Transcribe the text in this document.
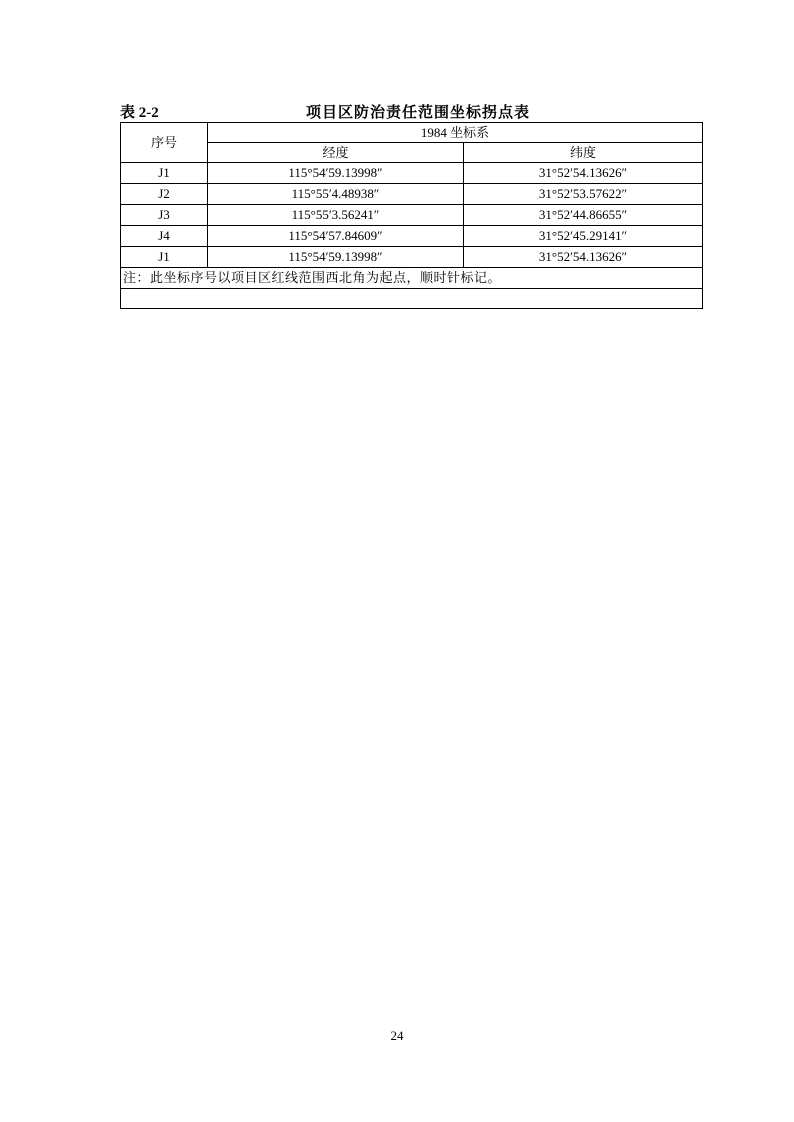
表 2-2	项目区防治责任范围坐标拐点表
序号	1984 坐标系	
	经度	纬度
J1	115°54′59.13998″	31°52′54.13626″
J2	115°55′4.48938″	31°52′53.57622″
J3	115°55′3.56241″	31°52′44.86655″
J4	115°54′57.84609″	31°52′45.29141″
J1	115°54′59.13998″	31°52′54.13626″
注：此坐标序号以项目区红线范围西北角为起点，顺时针标记。		

24
